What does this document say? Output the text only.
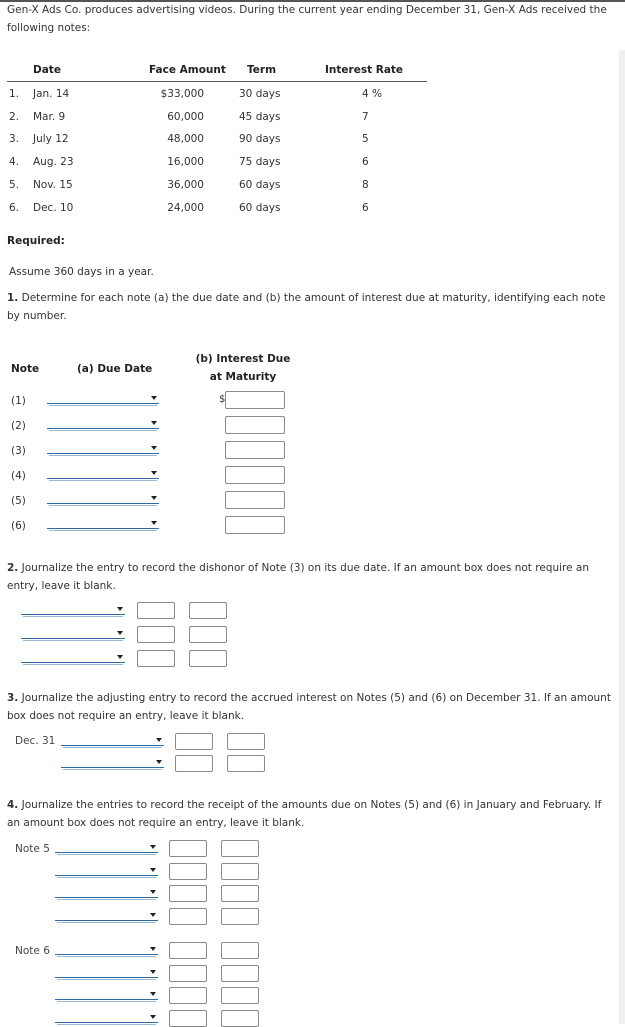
Gen-X Ads Co. produces advertising videos. During the current year ending December 31, Gen-X Ads received the following notes:
Date	Face Amount Term	Interest Rate
1. Jan. 14	$33,000	30 days	4 %
2. Mar. 9	60,000	45 days	7
3. July 12	48,000	90 days	5
4. Aug. 23	16,000	75 days	6
5. Nov. 15	36,000	60 days	8
6. Dec. 10	24,000	60 days	6
Required:
Assume 360 days in a year.
1. Determine for each note (a) the due date and (b) the amount of interest due at maturity, identifying each note by number.
Note	(a) Due Date
(b) Interest Due
at Maturity
$
(1)
(2)
(3)
(4)
(5)
(6)
2. Journalize the entry to record the dishonor of Note (3) on its due date. If an amount box does not require an entry, leave it blank.
3. Journalize the adjusting entry to record the accrued interest on Notes (5) and (6) on December 31. If an amount box does not require an entry, leave it blank.
Dec. 31
4. Journalize the entries to record the receipt of the amounts due on Notes (5) and (6) in January and February. If an amount box does not require an entry, leave it blank.
Note 5
Note 6
